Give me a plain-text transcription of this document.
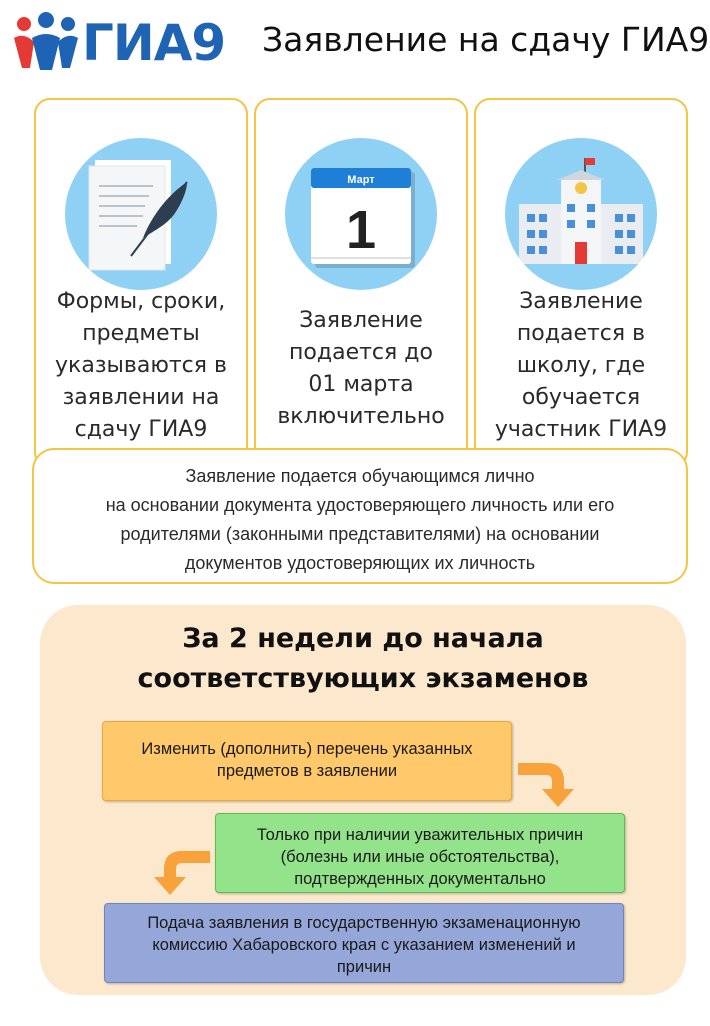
ГИА9 Заявление на сдачу ГИА9
Формы, сроки,
предметы
указываются в
заявлении на
сдачу ГИА9
Март
1
Заявление
подается до
01 марта
включительно
Заявление
подается в
школу, где
обучается
участник ГИА9
Заявление подается обучающимся лично
на основании документа удостоверяющего личность или его
родителями (законными представителями) на основании
документов удостоверяющих их личность
За 2 недели до начала
соответствующих экзаменов
Изменить (дополнить) перечень указанных
предметов в заявлении
Только при наличии уважительных причин
(болезнь или иные обстоятельства),
подтвержденных документально
Подача заявления в государственную экзаменационную
комиссию Хабаровского края с указанием изменений и
причин
